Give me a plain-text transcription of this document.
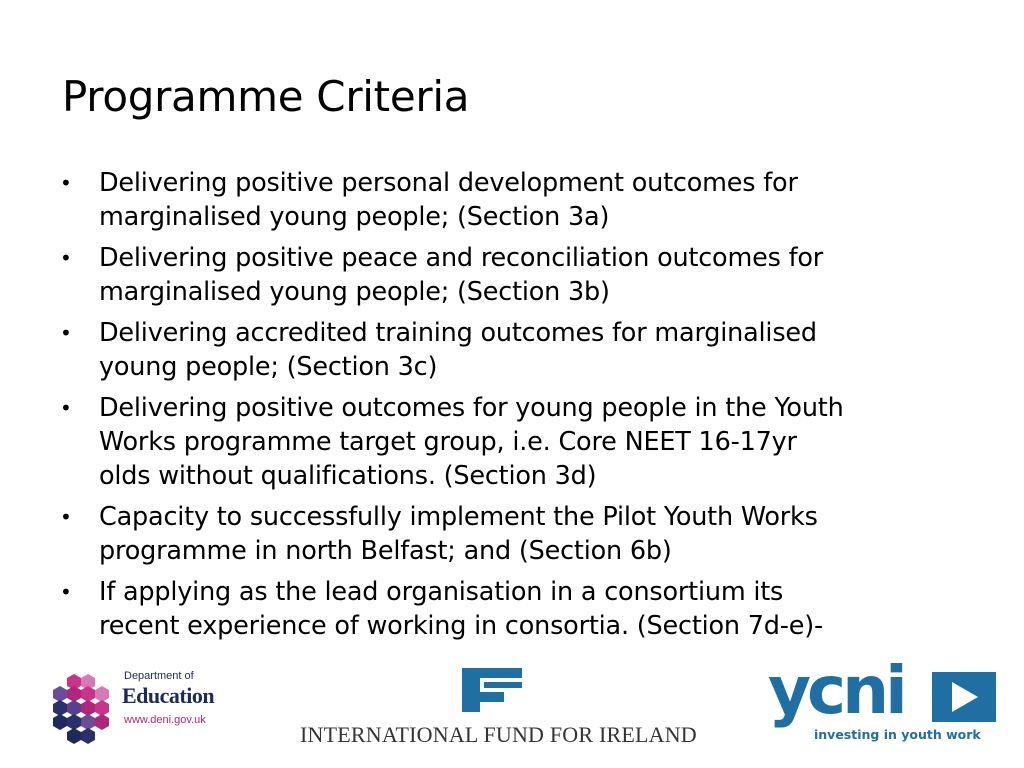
Programme Criteria
• Delivering positive personal development outcomes for
marginalised young people; (Section 3a)
• Delivering positive peace and reconciliation outcomes for
marginalised young people; (Section 3b)
• Delivering accredited training outcomes for marginalised
young people; (Section 3c)
• Delivering positive outcomes for young people in the Youth
Works programme target group, i.e. Core NEET 16-17yr
olds without qualifications. (Section 3d)
• Capacity to successfully implement the Pilot Youth Works
programme in north Belfast; and (Section 6b)
• If applying as the lead organisation in a consortium its
recent experience of working in consortia. (Section 7d-e)-
Department of
Education
www.deni.gov.uk
INTERNATIONAL FUND FOR IRELAND
ycni
investing in youth work
